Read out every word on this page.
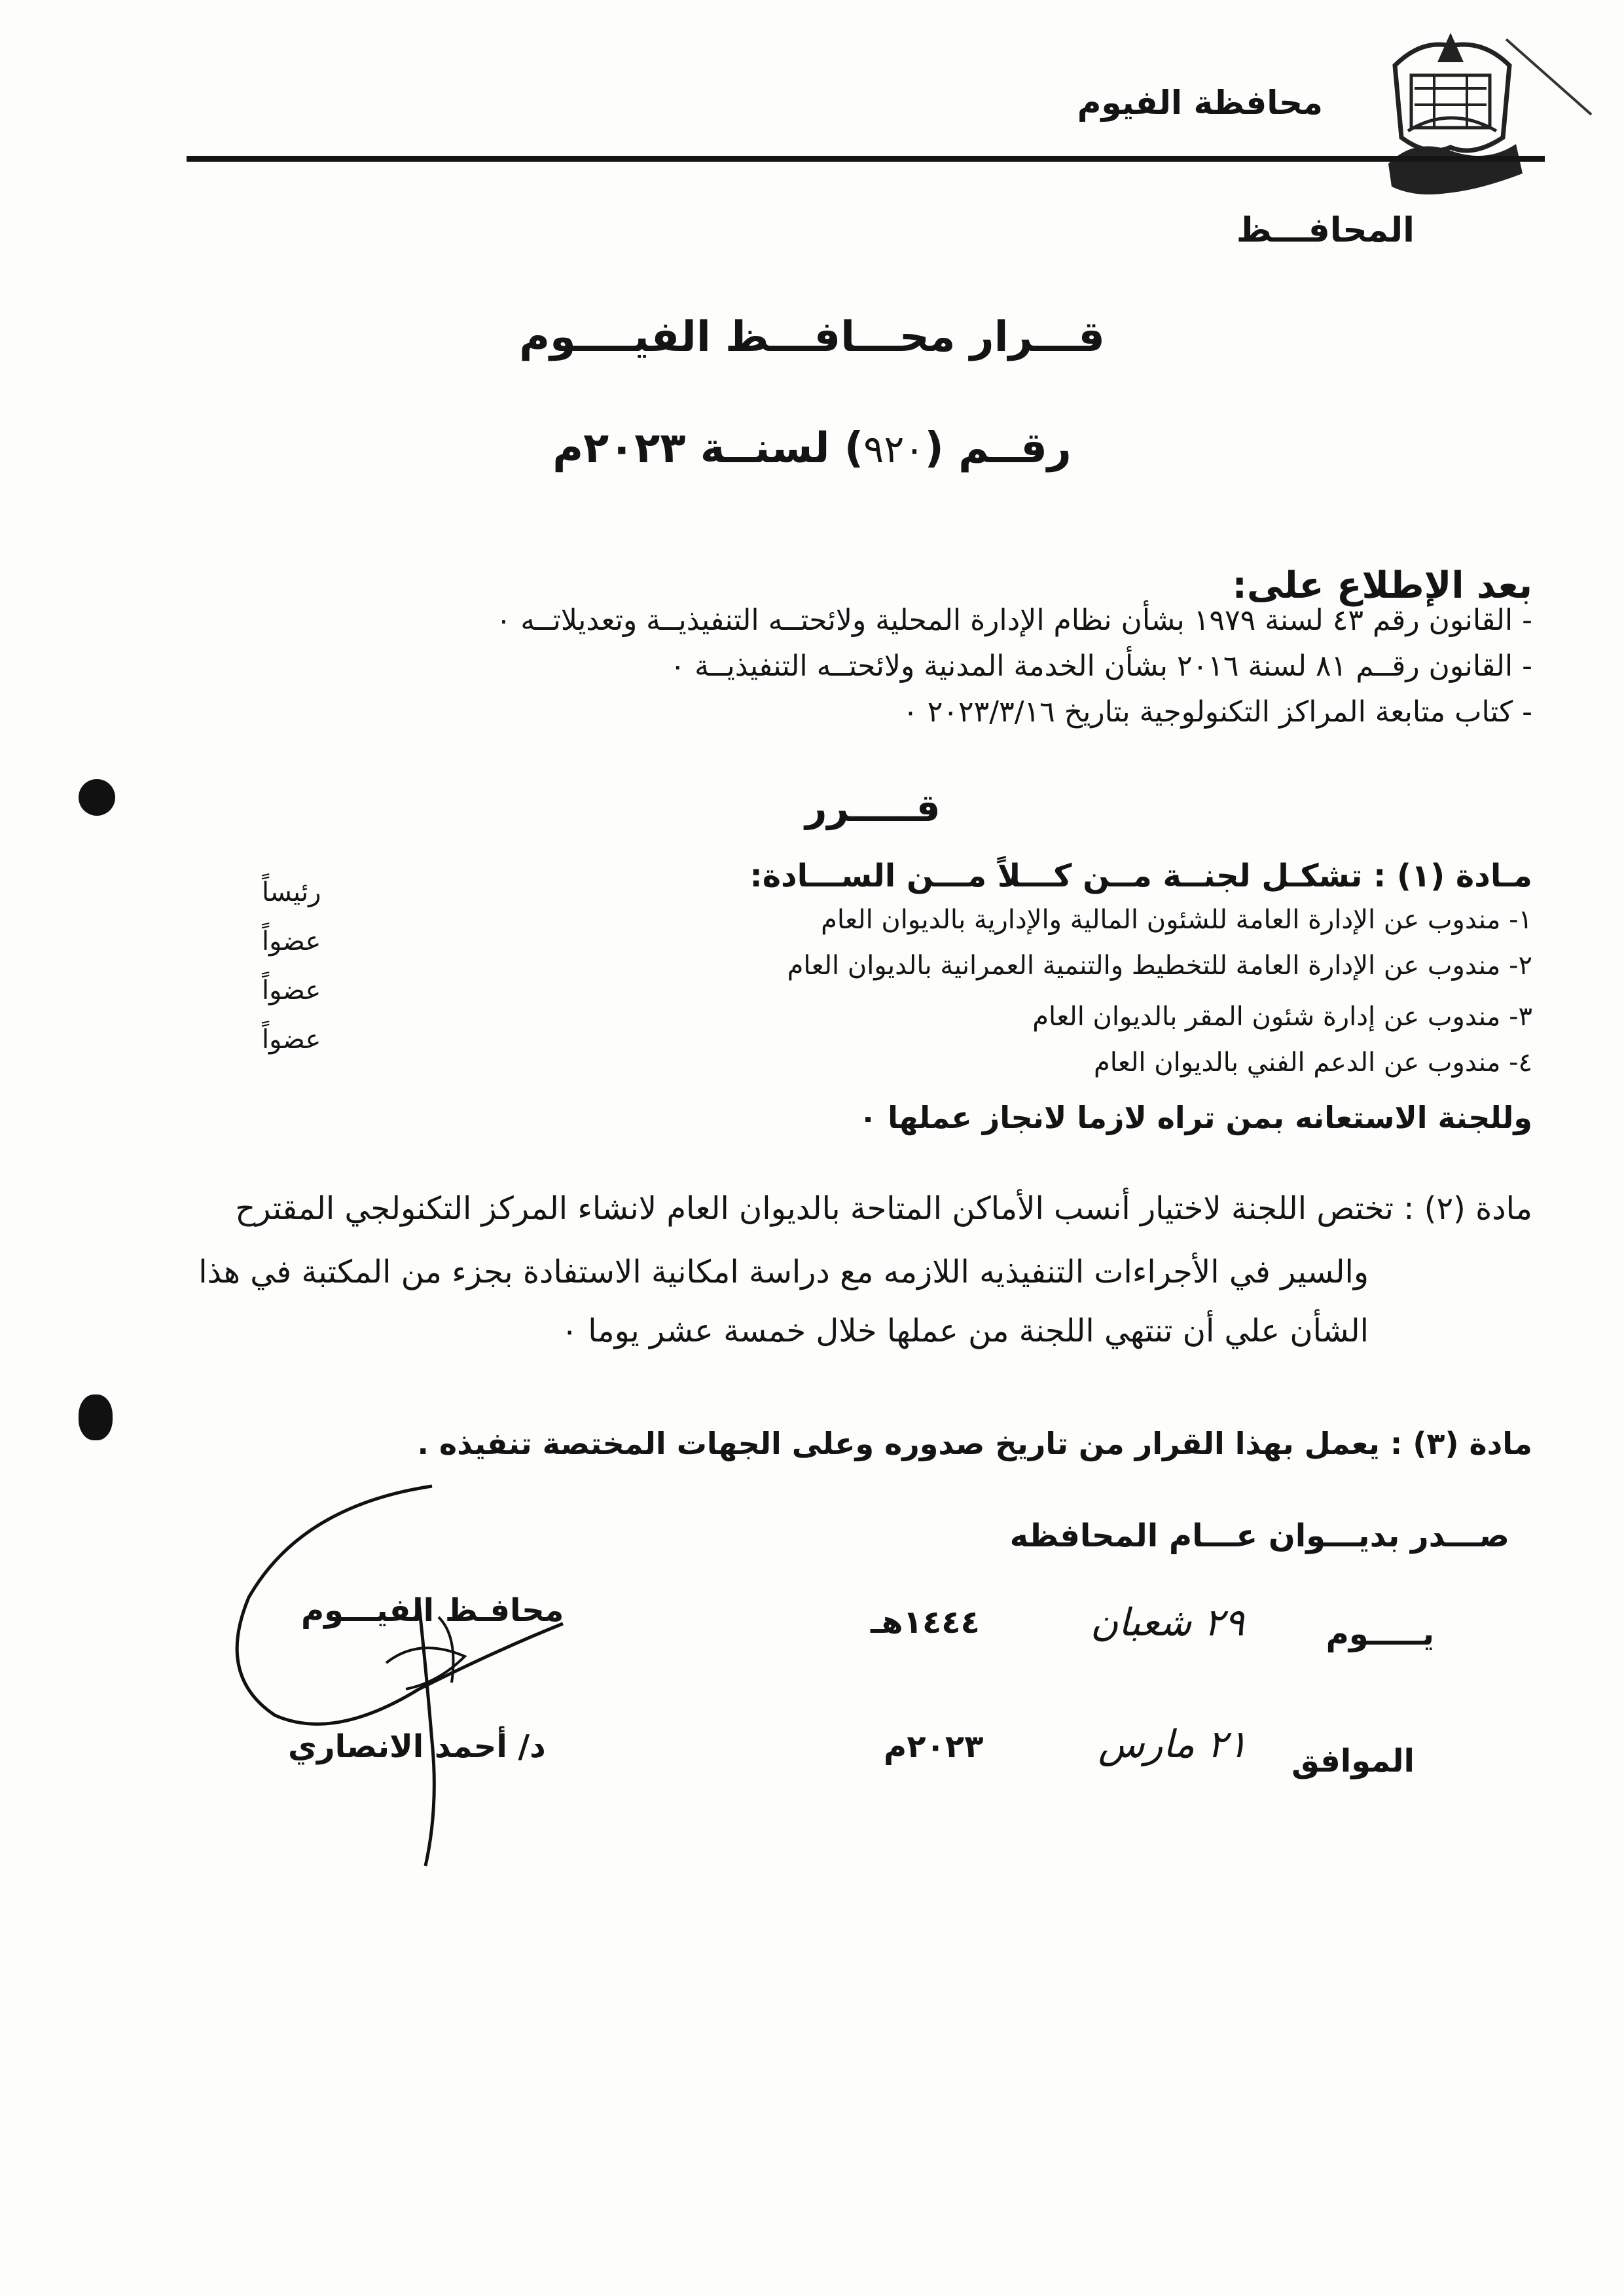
محافظة الفيوم
المحافـــظ
قـــرار محـــافـــظ الفيــــوم
رقــم (٩٢٠) لسنــة ٢٠٢٣م
بعد الإطلاع على:
- القانون رقم ٤٣ لسنة ١٩٧٩ بشأن نظام الإدارة المحلية ولائحتــه التنفيذيــة وتعديلاتــه ٠
- القانون رقــم ٨١ لسنة ٢٠١٦ بشأن الخدمة المدنية ولائحتــه التنفيذيــة ٠
- كتاب متابعة المراكز التكنولوجية بتاريخ ٢٠٢٣/٣/١٦ ٠
قـــــرر
مـادة (١) : تشكـل لجنــة مــن كـــلاً مـــن الســـادة:
١- مندوب عن الإدارة العامة للشئون المالية والإدارية بالديوان العام
٢- مندوب عن الإدارة العامة للتخطيط والتنمية العمرانية بالديوان العام
٣- مندوب عن إدارة شئون المقر بالديوان العام
٤- مندوب عن الدعم الفني بالديوان العام
رئيساً
عضواً
عضواً
عضواً
وللجنة الاستعانه بمن تراه لازما لانجاز عملها ٠
مادة (٢) : تختص اللجنة لاختيار أنسب الأماكن المتاحة بالديوان العام لانشاء المركز التكنولجي المقترح
والسير في الأجراءات التنفيذيه اللازمه مع دراسة امكانية الاستفادة بجزء من المكتبة في هذا
الشأن علي أن تنتهي اللجنة من عملها خلال خمسة عشر يوما ٠
مادة (٣) : يعمل بهذا القرار من تاريخ صدوره وعلى الجهات المختصة تنفيذه .
صـــدر بديـــوان عـــام المحافظه
يـــــوم
٢٩ شعبان
١٤٤٤هـ
الموافق
٢١ مارس
٢٠٢٣م
محافـظ الفيـــوم
د/ أحمد الانصاري
